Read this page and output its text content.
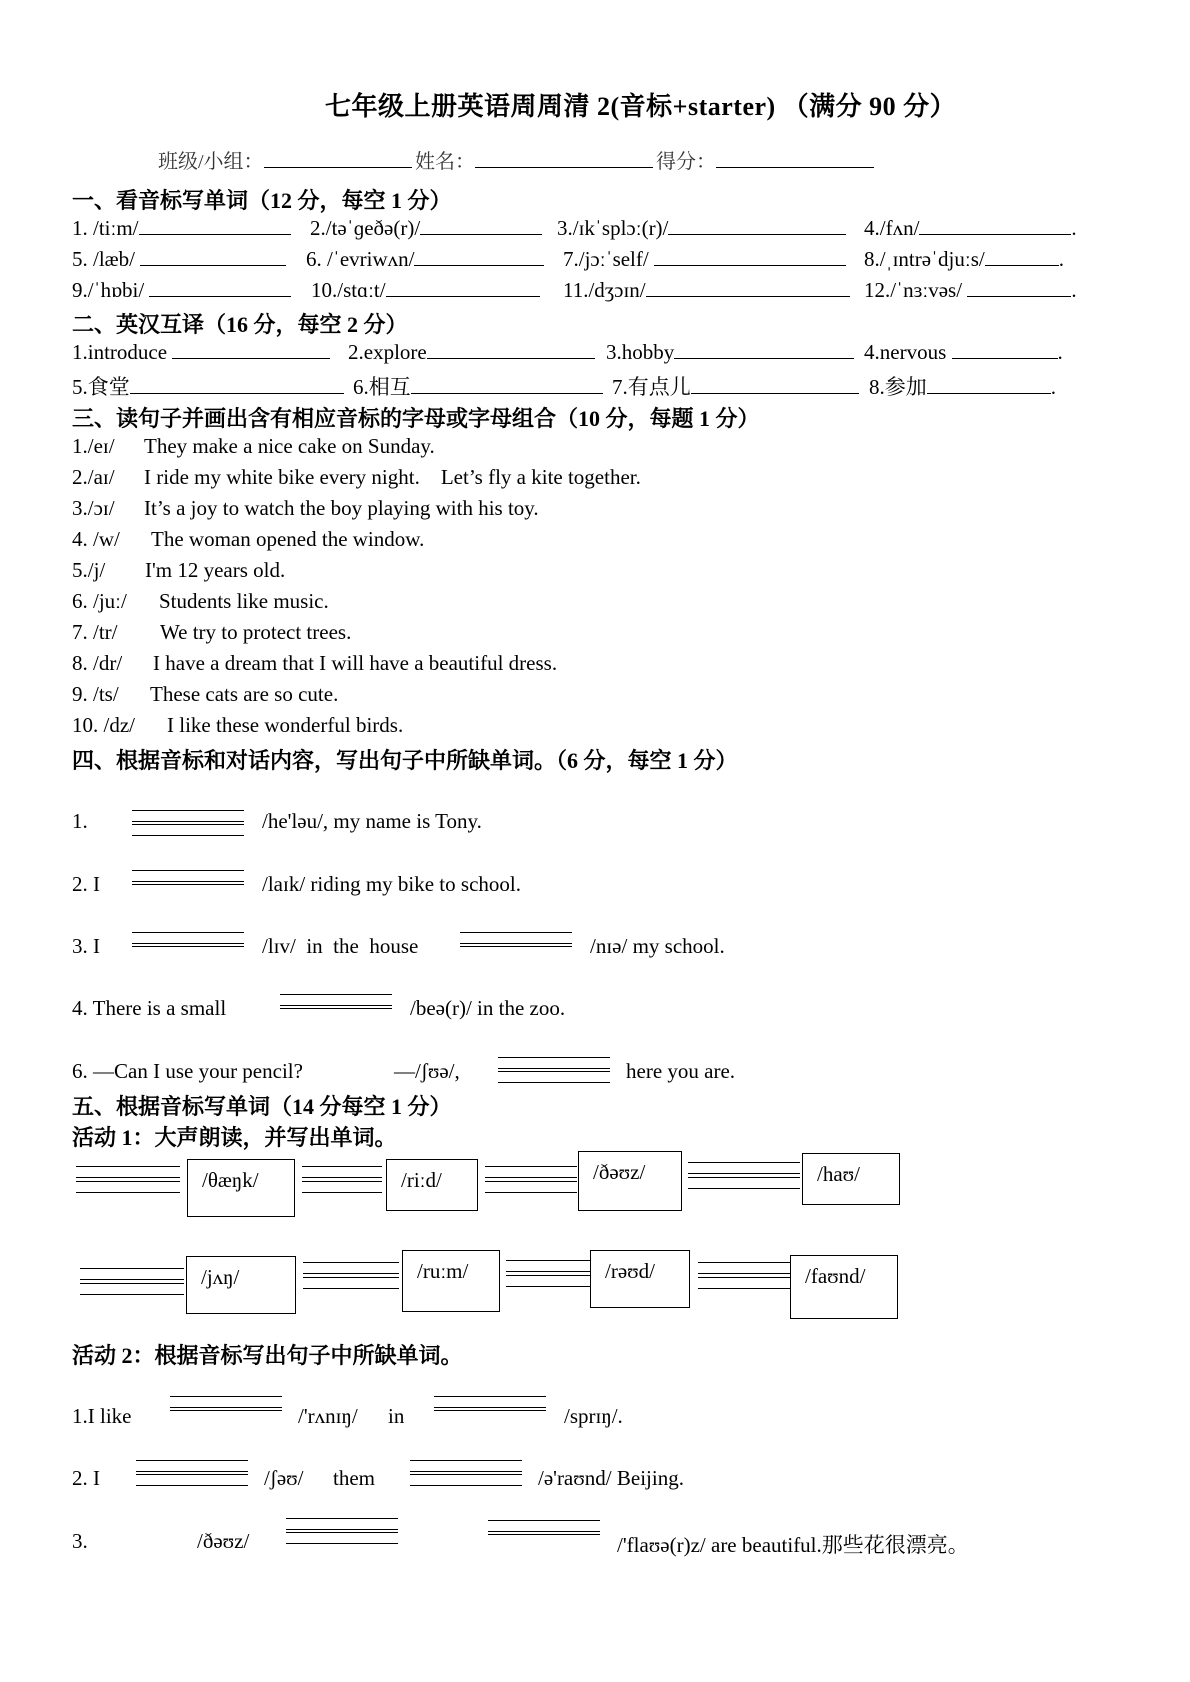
七年级上册英语周周清 2(音标+starter) （满分 90 分）
班级/小组：	姓名：	得分：
一、看音标写单词（12 分，每空 1 分）
1. /tiːm/	2./təˈɡeðə(r)/	3./ɪkˈsplɔː(r)/	4./fʌn/	.
5. /læb/	6. /ˈevriwʌn/	7./jɔːˈself/	8./ˌɪntrəˈdjuːs/	.
9./ˈhɒbi/	10./stɑːt/	11./dʒɔɪn/	12./ˈnɜːvəs/	.
二、英汉互译（16 分，每空 2 分）
1.introduce	2.explore	3.hobby	4.nervous	.
5.食堂	6.相互	7.有点儿	8.参加	.
三、读句子并画出含有相应音标的字母或字母组合（10 分，每题 1 分）
1./eɪ/ They make a nice cake on Sunday.
2./aɪ/ I ride my white bike every night.    Let’s fly a kite together.
3./ɔɪ/ It’s a joy to watch the boy playing with his toy.
4. /w/ The woman opened the window.
5./j/ I'm 12 years old.
6. /juː/ Students like music.
7. /tr/ We try to protect trees.
8. /dr/ I have a dream that I will have a beautiful dress.
9. /ts/ These cats are so cute.
10. /dz/ I like these wonderful birds.
四、根据音标和对话内容，写出句子中所缺单词。（6 分，每空 1 分）
1.	/he'ləu/, my name is Tony.
2. I	/laɪk/ riding my bike to school.
3. I	/lɪv/  in  the  house	/nɪə/ my school.
4. There is a small	/beə(r)/ in the zoo.
6. —Can I use your pencil?	—/ʃʊə/,	here you are.
五、根据音标写单词（14 分每空 1 分）
活动 1：大声朗读，并写出单词。
/θæŋk/	/riːd/	/ðəʊz/	/haʊ/
/jʌŋ/	/ruːm/	/rəʊd/	/faʊnd/
活动 2：根据音标写出句子中所缺单词。
1.I like	/'rʌnɪŋ/ in	/sprɪŋ/.
2. I	/ʃəʊ/ them	/ə'raʊnd/ Beijing.
3.	/ðəʊz/	/'flaʊə(r)z/ are beautiful.那些花很漂亮。
